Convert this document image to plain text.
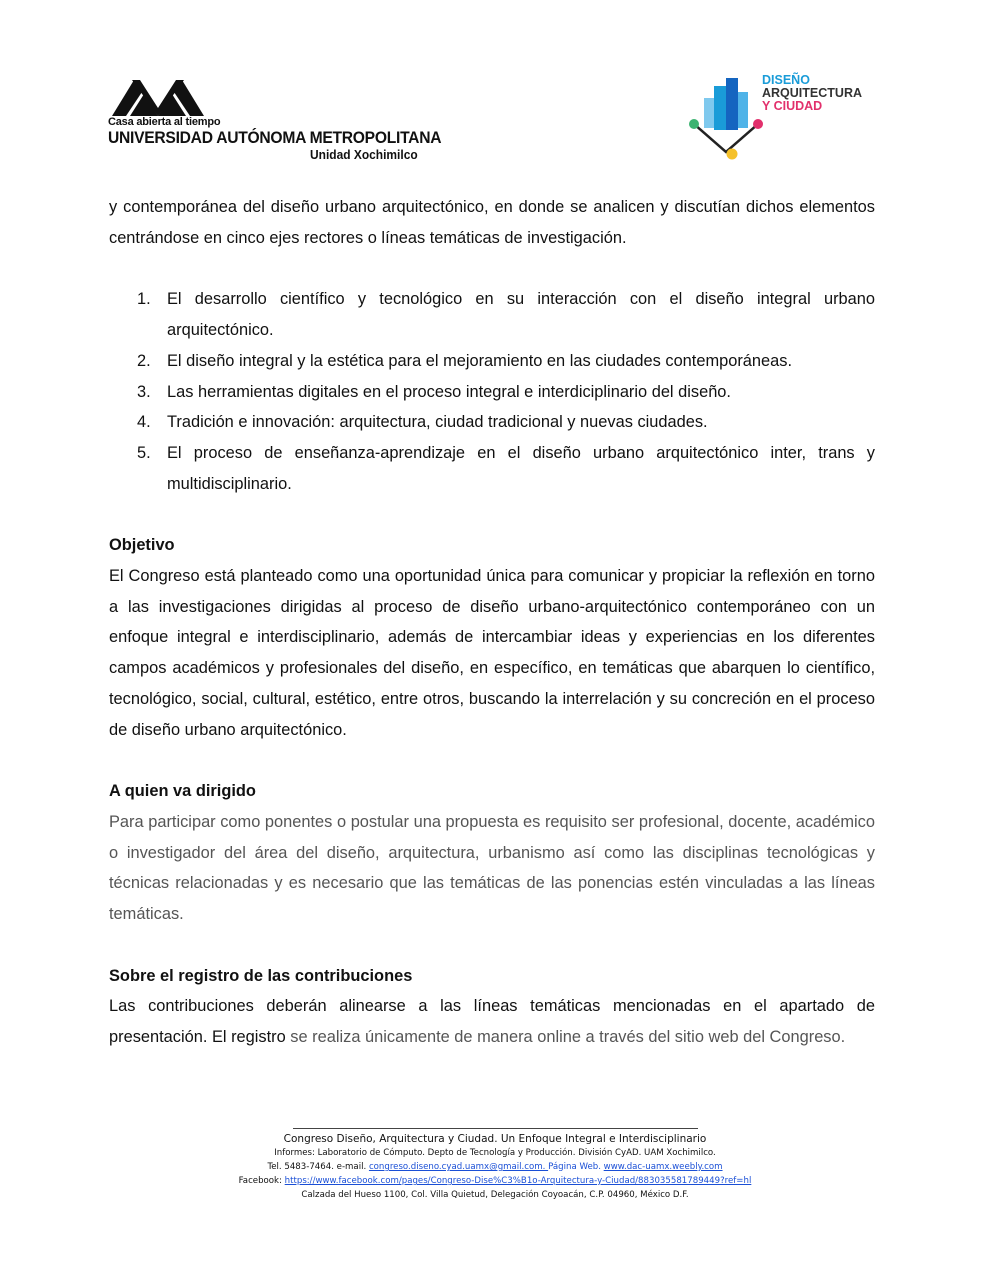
Casa abierta al tiempo
UNIVERSIDAD AUTÓNOMA METROPOLITANA
Unidad Xochimilco
DISEÑO
ARQUITECTURA
Y CIUDAD

y contemporánea del diseño urbano arquitectónico, en donde se analicen y discutían dichos elementos centrándose en cinco ejes rectores o líneas temáticas de investigación.

1. El desarrollo científico y tecnológico en su interacción con el diseño integral urbano arquitectónico.
2. El diseño integral y la estética para el mejoramiento en las ciudades contemporáneas.
3. Las herramientas digitales en el proceso integral e interdiciplinario del diseño.
4. Tradición e innovación: arquitectura, ciudad tradicional y nuevas ciudades.
5. El proceso de enseñanza-aprendizaje en el diseño urbano arquitectónico inter, trans y multidisciplinario.
Objetivo

El Congreso está planteado como una oportunidad única para comunicar y propiciar la reflexión en torno a las investigaciones dirigidas al proceso de diseño urbano-arquitectónico contemporáneo con un enfoque integral e interdisciplinario, además de intercambiar ideas y experiencias en los diferentes campos académicos y profesionales del diseño, en específico, en temáticas que abarquen lo científico, tecnológico, social, cultural, estético, entre otros, buscando la interrelación y su concreción en el proceso de diseño urbano arquitectónico.

A quien va dirigido

Para participar como ponentes o postular una propuesta es requisito ser profesional, docente, académico o investigador del área del diseño, arquitectura, urbanismo así como las disciplinas tecnológicas y técnicas relacionadas y es necesario que las temáticas de las ponencias estén vinculadas a las líneas temáticas.

Sobre el registro de las contribuciones

Las contribuciones deberán alinearse a las líneas temáticas mencionadas en el apartado de presentación. El registro se realiza únicamente de manera online a través del sitio web del Congreso.

Congreso Diseño, Arquitectura y Ciudad. Un Enfoque Integral e Interdisciplinario
Informes: Laboratorio de Cómputo. Depto de Tecnología y Producción. División CyAD. UAM Xochimilco.
Tel. 5483-7464. e-mail. congreso.diseno.cyad.uamx@gmail.com. Página Web. www.dac-uamx.weebly.com
Facebook: https://www.facebook.com/pages/Congreso-Dise%C3%B1o-Arquitectura-y-Ciudad/883035581789449?ref=hl
Calzada del Hueso 1100, Col. Villa Quietud, Delegación Coyoacán, C.P. 04960, México D.F.
